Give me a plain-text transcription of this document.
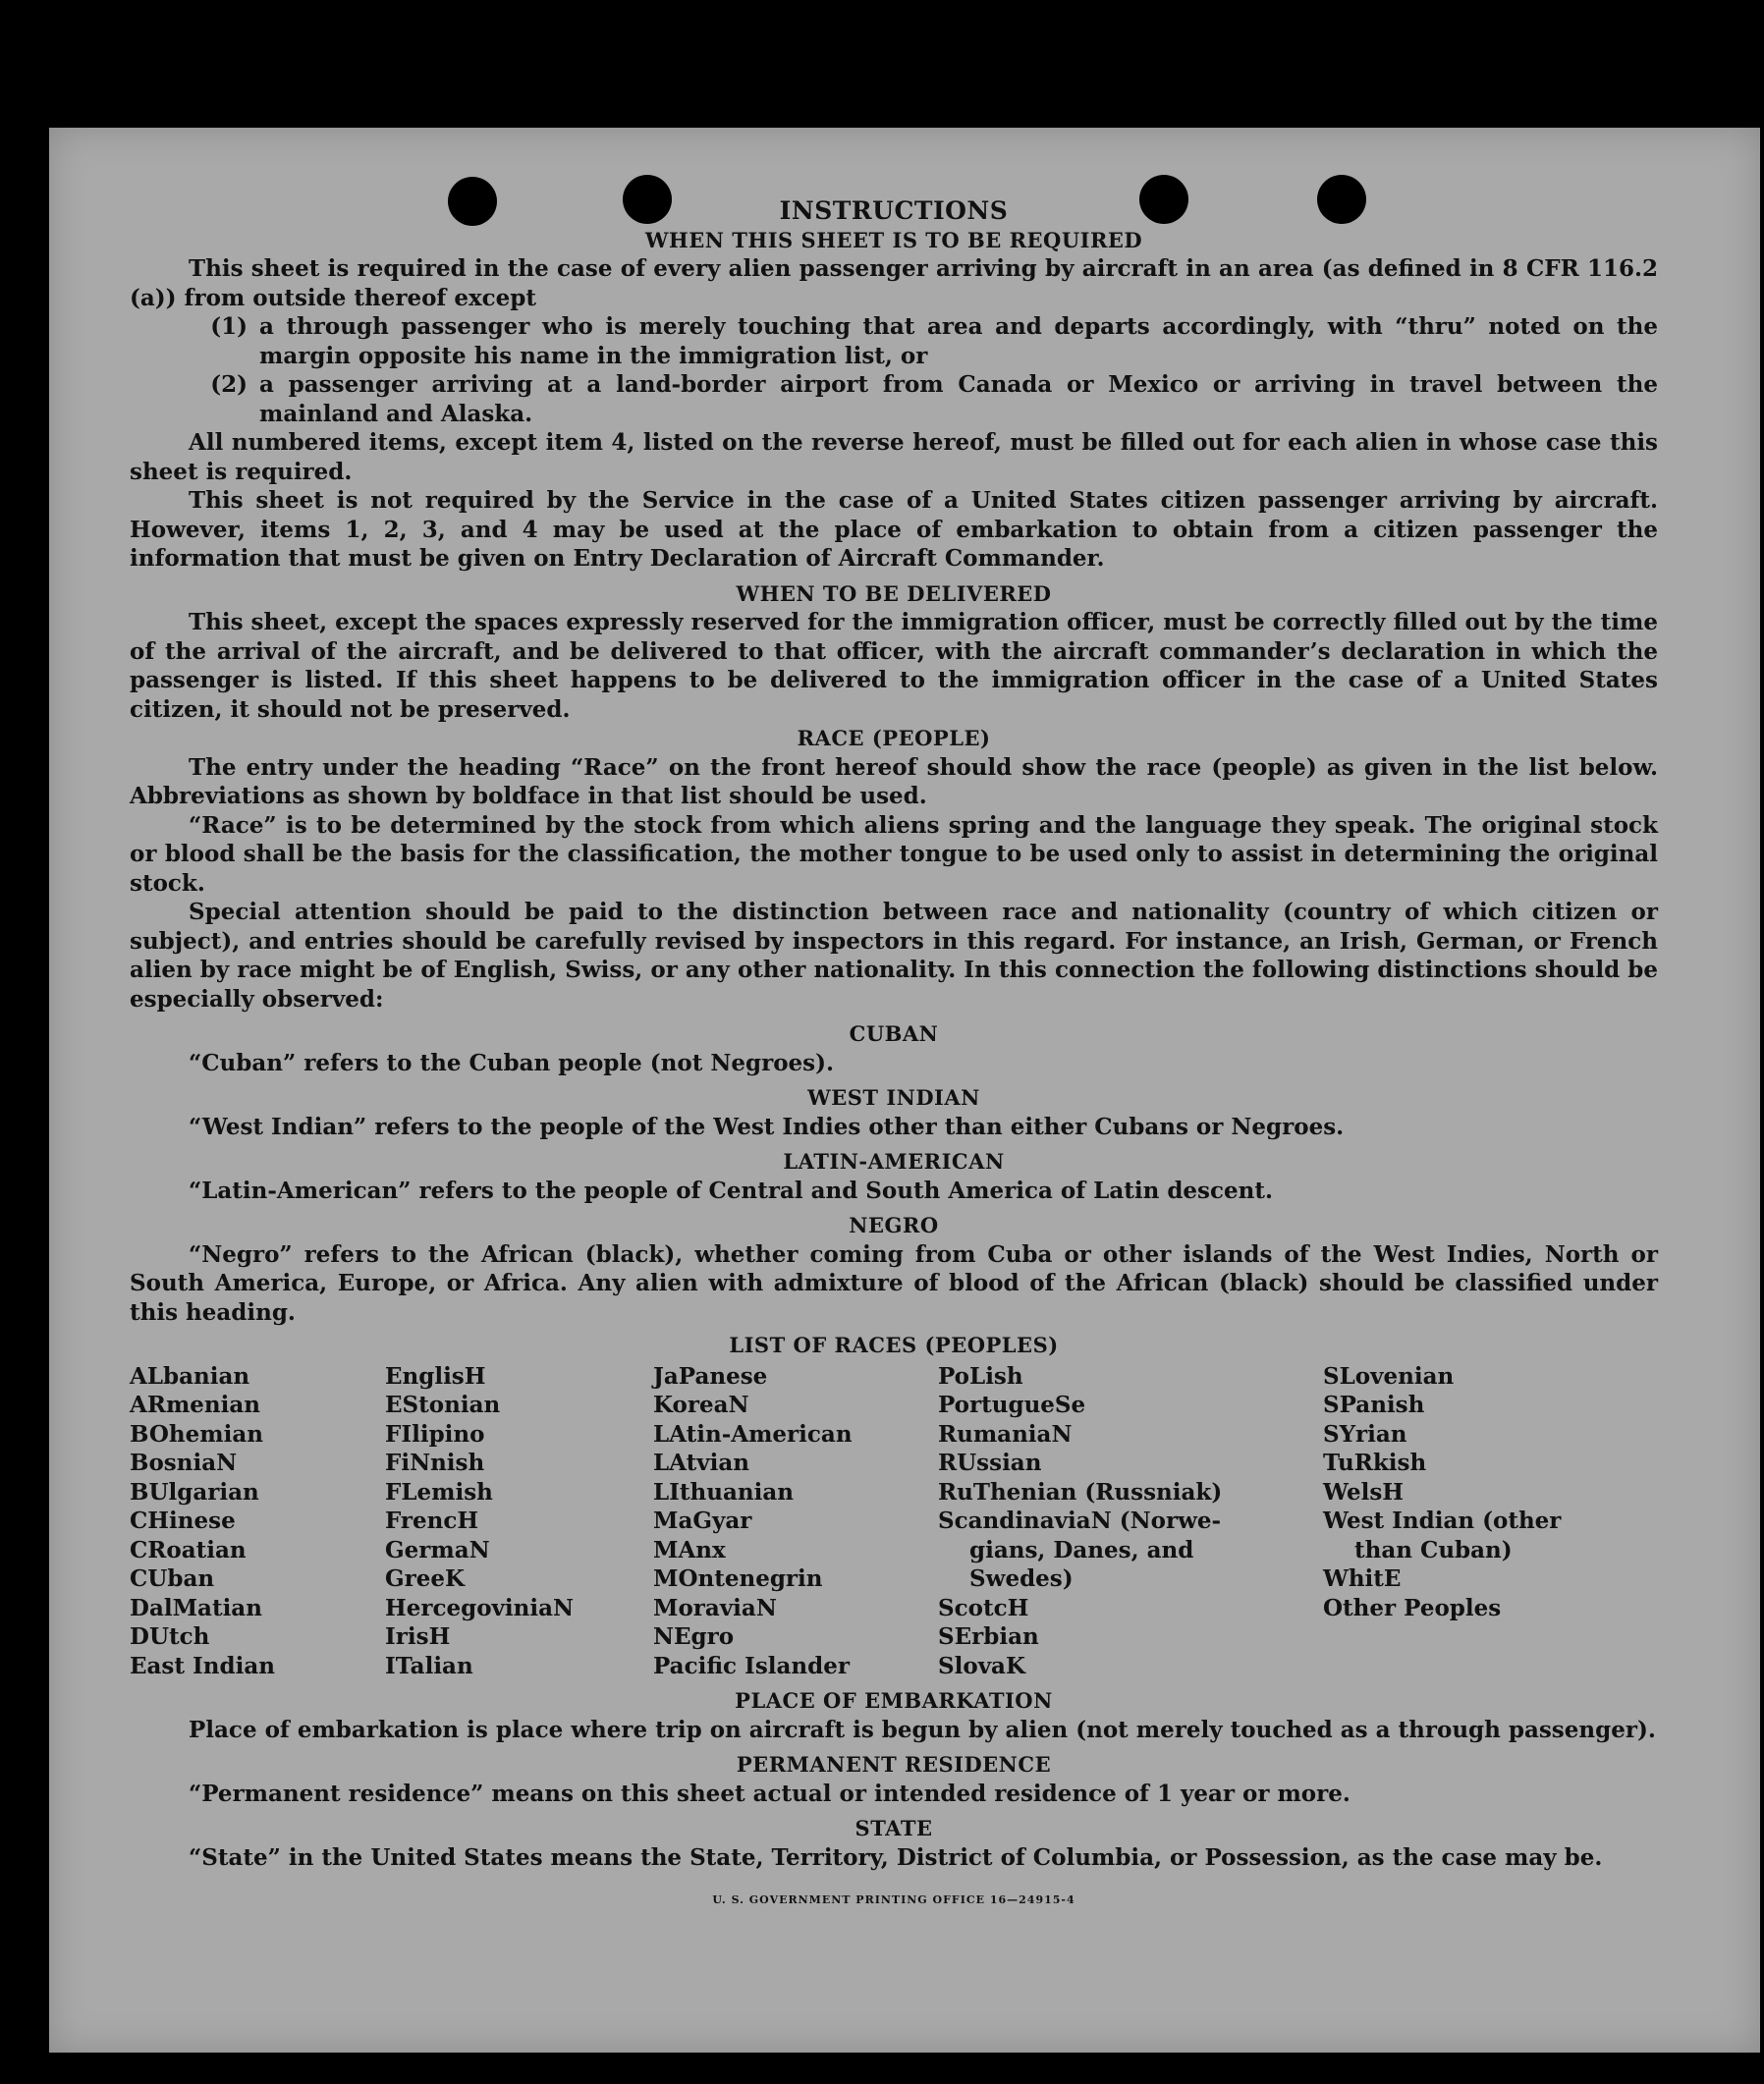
INSTRUCTIONS

WHEN THIS SHEET IS TO BE REQUIRED

This sheet is required in the case of every alien passenger arriving by aircraft in an area (as defined in 8 CFR 116.2 (a)) from outside thereof except

(1) a through passenger who is merely touching that area and departs accordingly, with “thru” noted on the margin opposite his name in the immigration list, or
(2) a passenger arriving at a land-border airport from Canada or Mexico or arriving in travel between the mainland and Alaska.

All numbered items, except item 4, listed on the reverse hereof, must be filled out for each alien in whose case this sheet is required.

This sheet is not required by the Service in the case of a United States citizen passenger arriving by aircraft. However, items 1, 2, 3, and 4 may be used at the place of embarkation to obtain from a citizen passenger the information that must be given on Entry Declaration of Aircraft Commander.

WHEN TO BE DELIVERED

This sheet, except the spaces expressly reserved for the immigration officer, must be correctly filled out by the time of the arrival of the aircraft, and be delivered to that officer, with the aircraft commander’s declaration in which the passenger is listed. If this sheet happens to be delivered to the immigration officer in the case of a United States citizen, it should not be preserved.

RACE (PEOPLE)

The entry under the heading “Race” on the front hereof should show the race (people) as given in the list below. Abbreviations as shown by boldface in that list should be used.

“Race” is to be determined by the stock from which aliens spring and the language they speak. The original stock or blood shall be the basis for the classification, the mother tongue to be used only to assist in determining the original stock.

Special attention should be paid to the distinction between race and nationality (country of which citizen or subject), and entries should be carefully revised by inspectors in this regard. For instance, an Irish, German, or French alien by race might be of English, Swiss, or any other nationality. In this connection the following distinctions should be especially observed:

CUBAN

“Cuban” refers to the Cuban people (not Negroes).

WEST INDIAN

“West Indian” refers to the people of the West Indies other than either Cubans or Negroes.

LATIN-AMERICAN

“Latin-American” refers to the people of Central and South America of Latin descent.

NEGRO

“Negro” refers to the African (black), whether coming from Cuba or other islands of the West Indies, North or South America, Europe, or Africa. Any alien with admixture of blood of the African (black) should be classified under this heading.

LIST OF RACES (PEOPLES)

ALbanian
ARmenian
BOhemian
BosniaN
BUlgarian
CHinese
CRoatian
CUban
DalMatian
DUtch
East Indian
EnglisH
EStonian
FIlipino
FiNnish
FLemish
FrencH
GermaN
GreeK
HercegoviniaN
IrisH
ITalian
JaPanese
KoreaN
LAtin-American
LAtvian
LIthuanian
MaGyar
MAnx
MOntenegrin
MoraviaN
NEgro
Pacific Islander
PoLish
PortugueSe
RumaniaN
RUssian
RuThenian (Russniak)
ScandinaviaN (Norwe-
gians, Danes, and
Swedes)
ScotcH
SErbian
SlovaK
SLovenian
SPanish
SYrian
TuRkish
WelsH
West Indian (other
than Cuban)
WhitE
Other Peoples

PLACE OF EMBARKATION

Place of embarkation is place where trip on aircraft is begun by alien (not merely touched as a through passenger).

PERMANENT RESIDENCE

“Permanent residence” means on this sheet actual or intended residence of 1 year or more.

STATE

“State” in the United States means the State, Territory, District of Columbia, or Possession, as the case may be.

U. S. GOVERNMENT PRINTING OFFICE 16—24915-4
